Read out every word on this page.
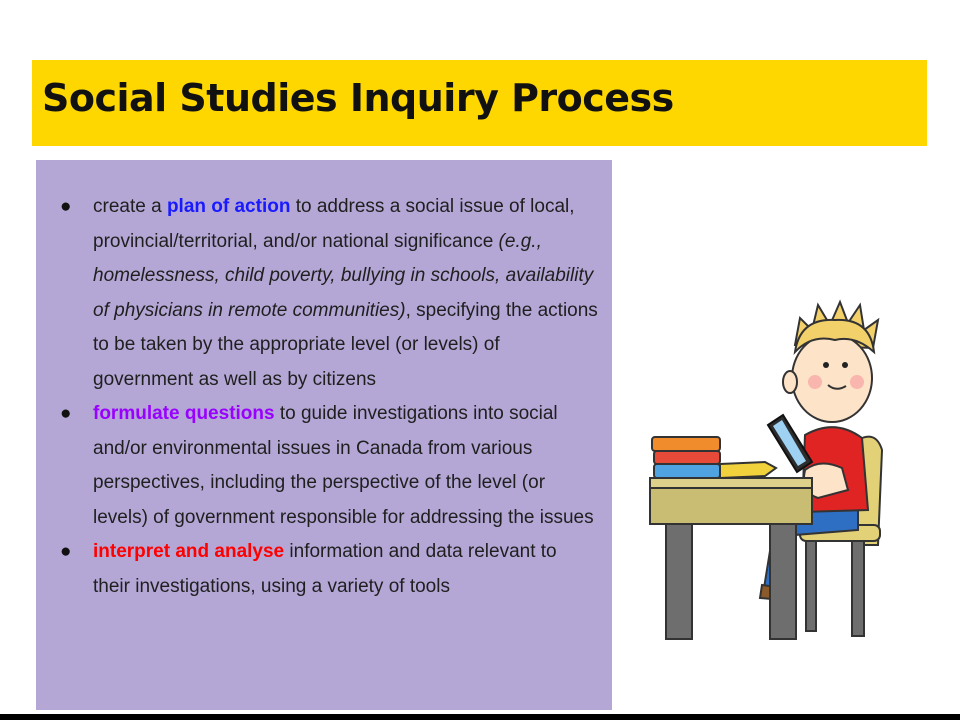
Social Studies Inquiry Process
● create a plan of action to address a social issue of local, provincial/territorial, and/or national significance (e.g., homelessness, child poverty, bullying in schools, availability of physicians in remote communities), specifying the actions to be taken by the appropriate level (or levels) of government as well as by citizens
● formulate questions to guide investigations into social and/or environmental issues in Canada from various perspectives, including the perspective of the level (or levels) of government responsible for addressing the issues
● interpret and analyse information and data relevant to their investigations, using a variety of tools
